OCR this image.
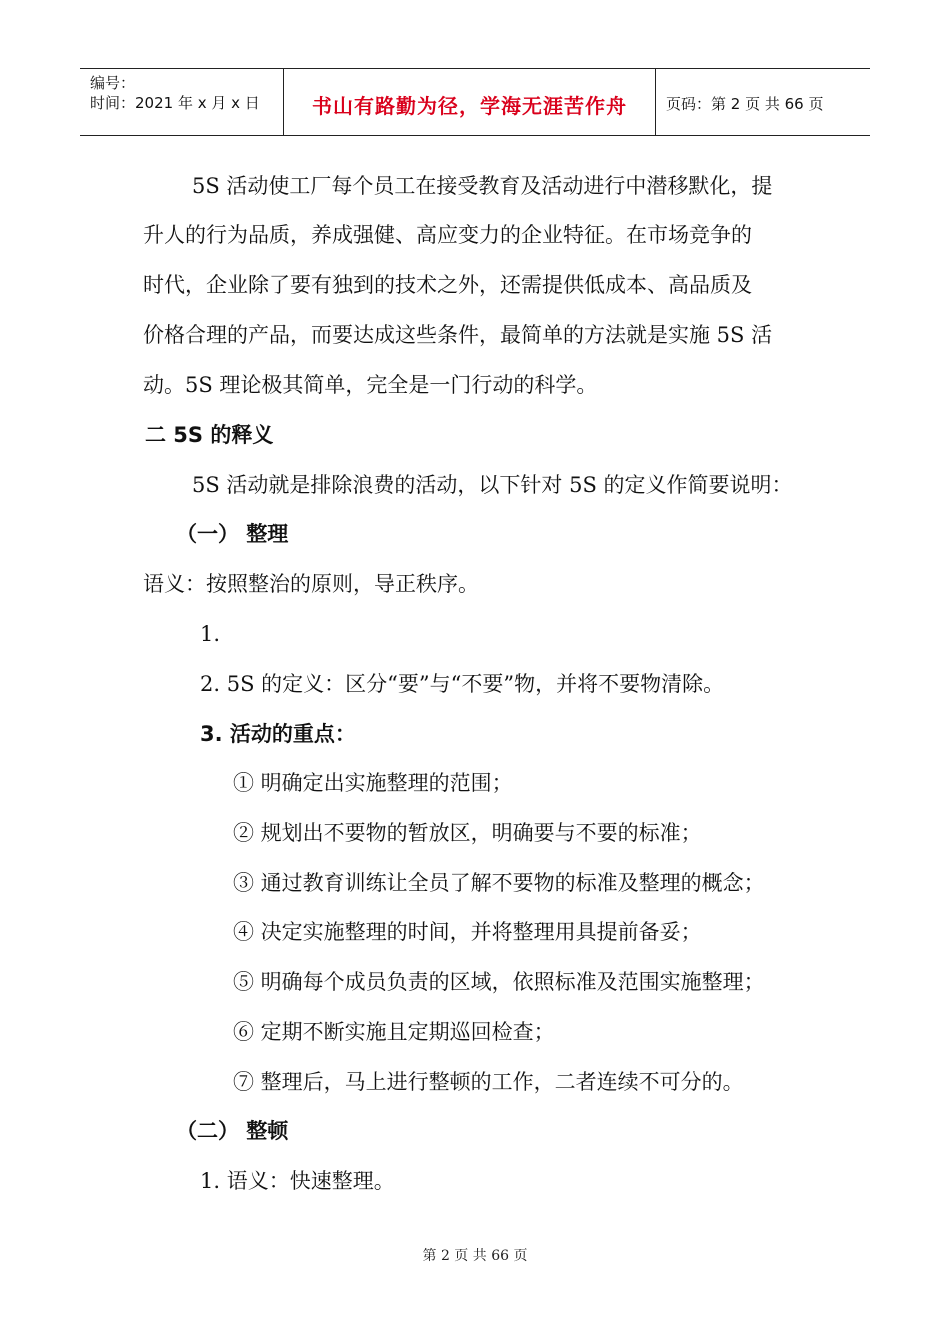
编号：
时间：2021 年 x 月 x 日	书山有路勤为径，学海无涯苦作舟	页码：第 2 页 共 66 页
5S 活动使工厂每个员工在接受教育及活动进行中潜移默化，提
升人的行为品质，养成强健、高应变力的企业特征。在市场竞争的
时代，企业除了要有独到的技术之外，还需提供低成本、高品质及
价格合理的产品，而要达成这些条件，最简单的方法就是实施 5S 活
动。5S 理论极其简单，完全是一门行动的科学。
二 5S 的释义
5S 活动就是排除浪费的活动，以下针对 5S 的定义作简要说明：
（一） 整理
语义：按照整治的原则，导正秩序。
1.
2. 5S 的定义：区分“要”与“不要”物，并将不要物清除。
3. 活动的重点：
① 明确定出实施整理的范围；
② 规划出不要物的暂放区，明确要与不要的标准；
③ 通过教育训练让全员了解不要物的标准及整理的概念；
④ 决定实施整理的时间，并将整理用具提前备妥；
⑤ 明确每个成员负责的区域，依照标准及范围实施整理；
⑥ 定期不断实施且定期巡回检查；
⑦ 整理后，马上进行整顿的工作，二者连续不可分的。
（二） 整顿
1. 语义：快速整理。
第 2 页 共 66 页
